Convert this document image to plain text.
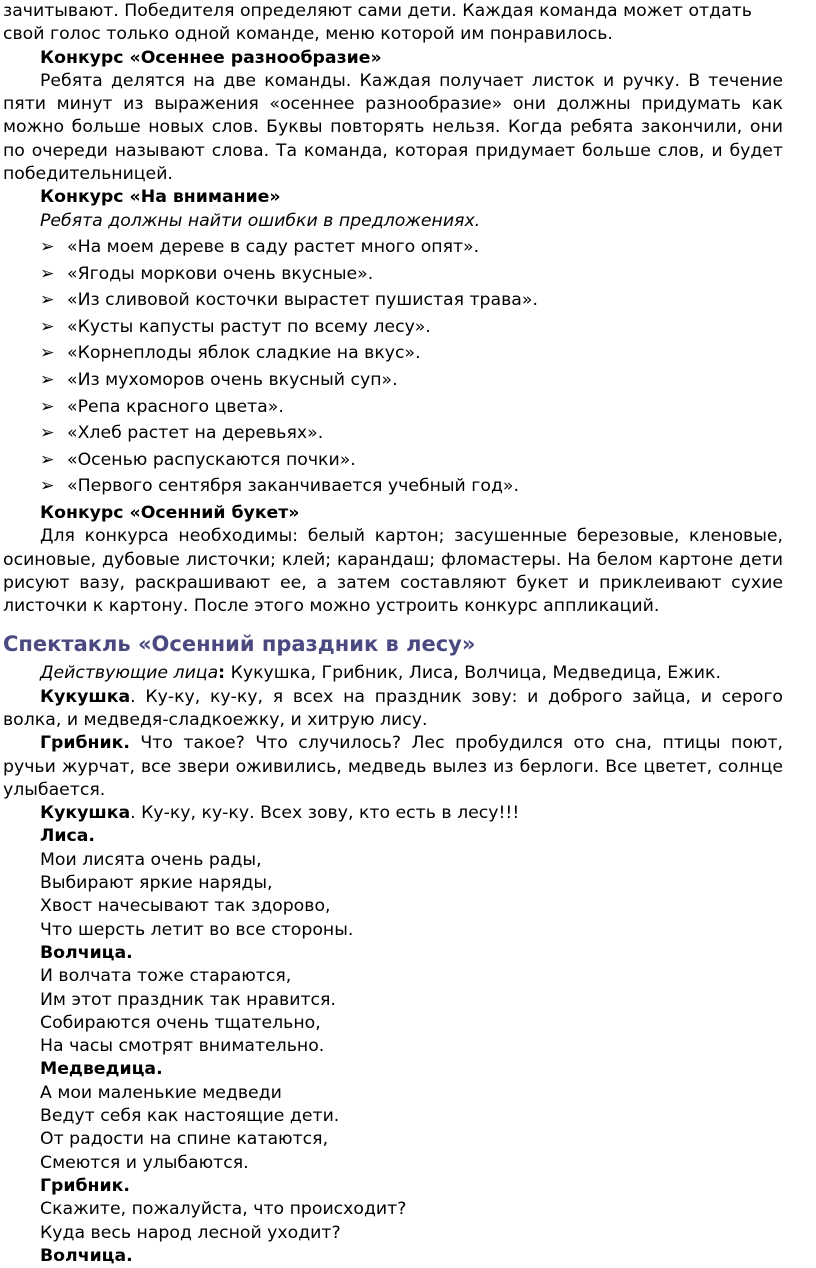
зачитывают. Победителя определяют сами дети. Каждая команда может отдать

свой голос только одной команде, меню которой им понравилось.

Конкурс «Осеннее разнообразие»

Ребята делятся на две команды. Каждая получает листок и ручку. В течение пяти минут из выражения «осеннее разнообразие» они должны придумать как можно больше новых слов. Буквы повторять нельзя. Когда ребята закончили, они по очереди называют слова. Та команда, которая придумает больше слов, и будет победительницей.

Конкурс «На внимание»

Ребята должны найти ошибки в предложениях.

➢ «На моем дереве в саду растет много опят».
➢ «Ягоды моркови очень вкусные».
➢ «Из сливовой косточки вырастет пушистая трава».
➢ «Кусты капусты растут по всему лесу».
➢ «Корнеплоды яблок сладкие на вкус».
➢ «Из мухоморов очень вкусный суп».
➢ «Репа красного цвета».
➢ «Хлеб растет на деревьях».
➢ «Осенью распускаются почки».
➢ «Первого сентября заканчивается учебный год».

Конкурс «Осенний букет»

Для конкурса необходимы: белый картон; засушенные березовые, кленовые, осиновые, дубовые листочки; клей; карандаш; фломастеры. На белом картоне дети рисуют вазу, раскрашивают ее, а затем составляют букет и приклеивают сухие листочки к картону. После этого можно устроить конкурс аппликаций.

Спектакль «Осенний праздник в лесу»

Действующие лица: Кукушка, Грибник, Лиса, Волчица, Медведица, Ежик.

Кукушка. Ку-ку, ку-ку, я всех на праздник зову: и доброго зайца, и серого волка, и медведя-сладкоежку, и хитрую лису.

Грибник. Что такое? Что случилось? Лес пробудился ото сна, птицы поют, ручьи журчат, все звери оживились, медведь вылез из берлоги. Все цветет, солнце улыбается.

Кукушка. Ку-ку, ку-ку. Всех зову, кто есть в лесу!!!

Лиса.
Мои лисята очень рады,
Выбирают яркие наряды,
Хвост начесывают так здорово,
Что шерсть летит во все стороны.
Волчица.
И волчата тоже стараются,
Им этот праздник так нравится.
Собираются очень тщательно,
На часы смотрят внимательно.
Медведица.
А мои маленькие медведи
Ведут себя как настоящие дети.
От радости на спине катаются,
Смеются и улыбаются.
Грибник.
Скажите, пожалуйста, что происходит?
Куда весь народ лесной уходит?
Волчица.
